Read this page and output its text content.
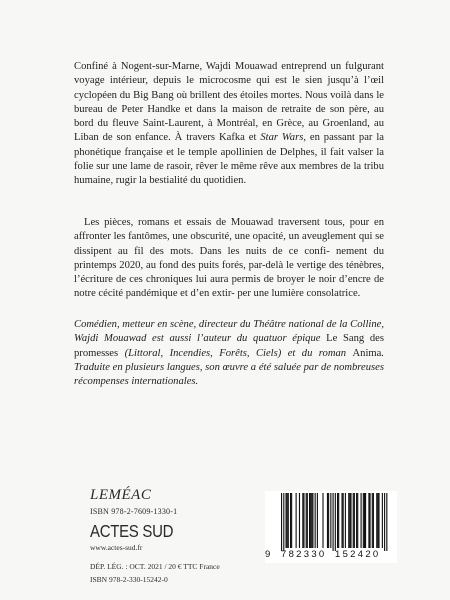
Confiné à Nogent-sur-Marne, Wajdi Mouawad entreprend un fulgurant voyage intérieur, depuis le microcosme qui est le sien jusqu’à l’œil cyclopéen du Big Bang où brillent des étoiles mortes. Nous voilà dans le bureau de Peter Handke et dans la maison de retraite de son père, au bord du fleuve Saint-Laurent, à Montréal, en Grèce, au Groenland, au Liban de son enfance. À travers Kafka et Star Wars, en passant par la phonétique française et le temple apollinien de Delphes, il fait valser la folie sur une lame de rasoir, rêver le même rêve aux membres de la tribu humaine, rugir la bestialité du quotidien.

Les pièces, romans et essais de Mouawad traversent tous, pour en affronter les fantômes, une obscurité, une opacité, un aveuglement qui se dissipent au fil des mots. Dans les nuits de ce confi- nement du printemps 2020, au fond des puits forés, par-delà le vertige des ténèbres, l’écriture de ces chroniques lui aura permis de broyer le noir d’encre de notre cécité pandémique et d’en extir- per une lumière consolatrice.

Comédien, metteur en scène, directeur du Théâtre national de la Colline, Wajdi Mouawad est aussi l’auteur du quatuor épique Le Sang des promesses (Littoral, Incendies, Forêts, Ciels) et du roman Anima. Traduite en plusieurs langues, son œuvre a été saluée par de nombreuses récompenses internationales.

LEMÉAC
ISBN 978-2-7609-1330-1
ACTES SUD
www.actes-sud.fr
DÉP. LÉG. : OCT. 2021 / 20 € TTC France
ISBN 978-2-330-15242-0
9 782330 152420
